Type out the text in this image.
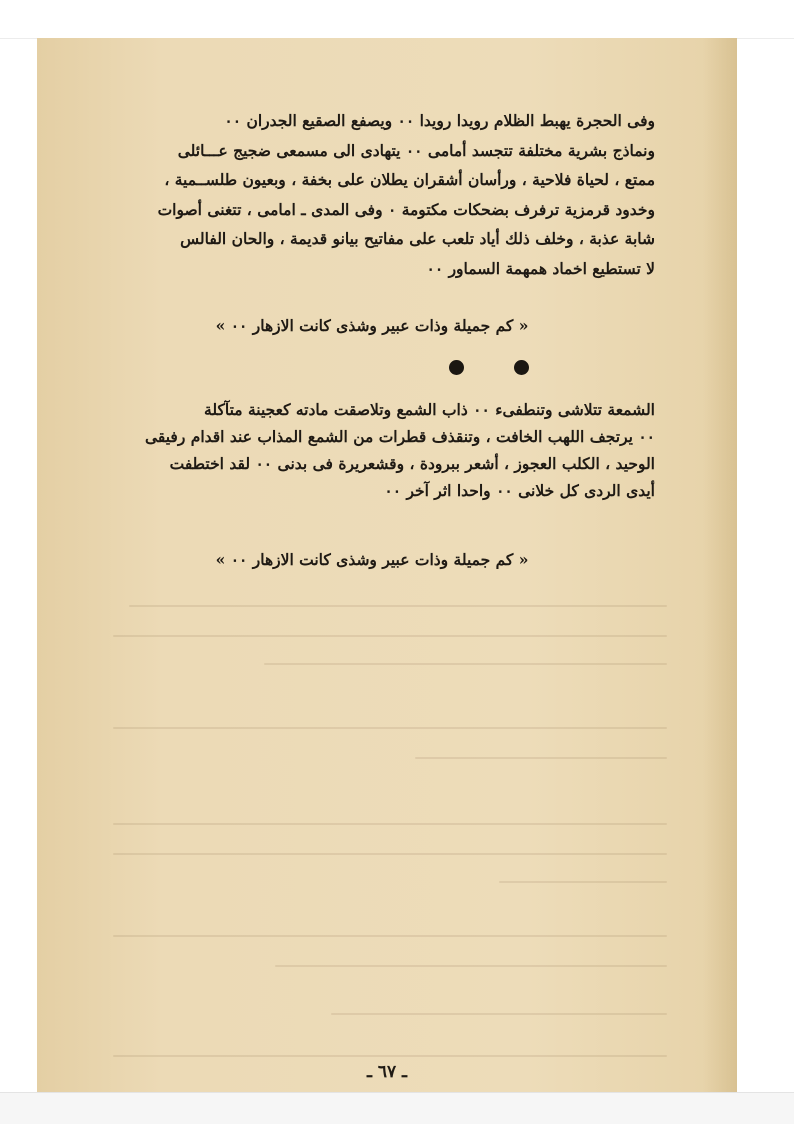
وفى الحجرة يهبط الظلام رويدا رويدا ٠٠ ويصفع الصقيع الجدران ٠٠

ونماذج بشرية مختلفة تتجسد أمامى ٠٠ يتهادى الى مسمعى ضجيج عـــائلى

ممتع ، لحياة فلاحية ، ورأسان أشقران يطلان على بخفة ، وبعيون طلســمية ،

وخدود قرمزية ترفرف بضحكات مكتومة ٠ وفى المدى ـ امامى ، تتغنى أصوات

شابة عذبة ، وخلف ذلك أياد تلعب على مفاتيح بيانو قديمة ، والحان الفالس

لا تستطيع اخماد همهمة السماور ٠٠

« كم جميلة وذات عبير وشذى كانت الازهار ٠٠ »

الشمعة تتلاشى وتنطفىء ٠٠ ذاب الشمع وتلاصقت مادته كعجينة متآكلة

٠٠ يرتجف اللهب الخافت ، وتنقذف قطرات من الشمع المذاب عند اقدام رفيقى

الوحيد ، الكلب العجوز ، أشعر ببرودة ، وقشعريرة فى بدنى ٠٠ لقد اختطفت

أيدى الردى كل خلانى ٠٠ واحدا اثر آخر ٠٠

« كم جميلة وذات عبير وشذى كانت الازهار ٠٠ »
ـ ٦٧ ـ
